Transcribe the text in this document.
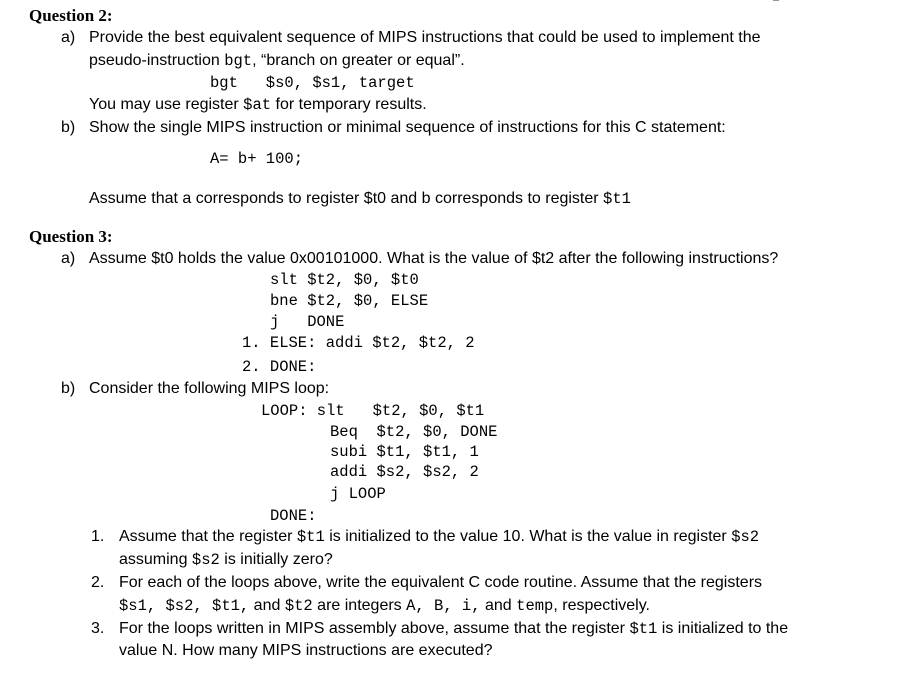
Question 2:
a) Provide the best equivalent sequence of MIPS instructions that could be used to implement the
pseudo-instruction bgt, “branch on greater or equal”.
bgt   $s0, $s1, target
You may use register $at for temporary results.
b) Show the single MIPS instruction or minimal sequence of instructions for this C statement:
A= b+ 100;
Assume that a corresponds to register $t0 and b corresponds to register $t1
Question 3:
a) Assume $t0 holds the value 0x00101000. What is the value of $t2 after the following instructions?
slt $t2, $0, $t0
bne $t2, $0, ELSE
j   DONE
1. ELSE: addi $t2, $t2, 2
2. DONE:
b) Consider the following MIPS loop:
LOOP: slt   $t2, $0, $t1
Beq  $t2, $0, DONE
subi $t1, $t1, 1
addi $s2, $s2, 2
j LOOP
DONE:
1. Assume that the register $t1 is initialized to the value 10. What is the value in register $s2
assuming $s2 is initially zero?
2. For each of the loops above, write the equivalent C code routine. Assume that the registers
$s1, $s2, $t1, and $t2 are integers A, B, i, and temp, respectively.
3. For the loops written in MIPS assembly above, assume that the register $t1 is initialized to the
value N. How many MIPS instructions are executed?
